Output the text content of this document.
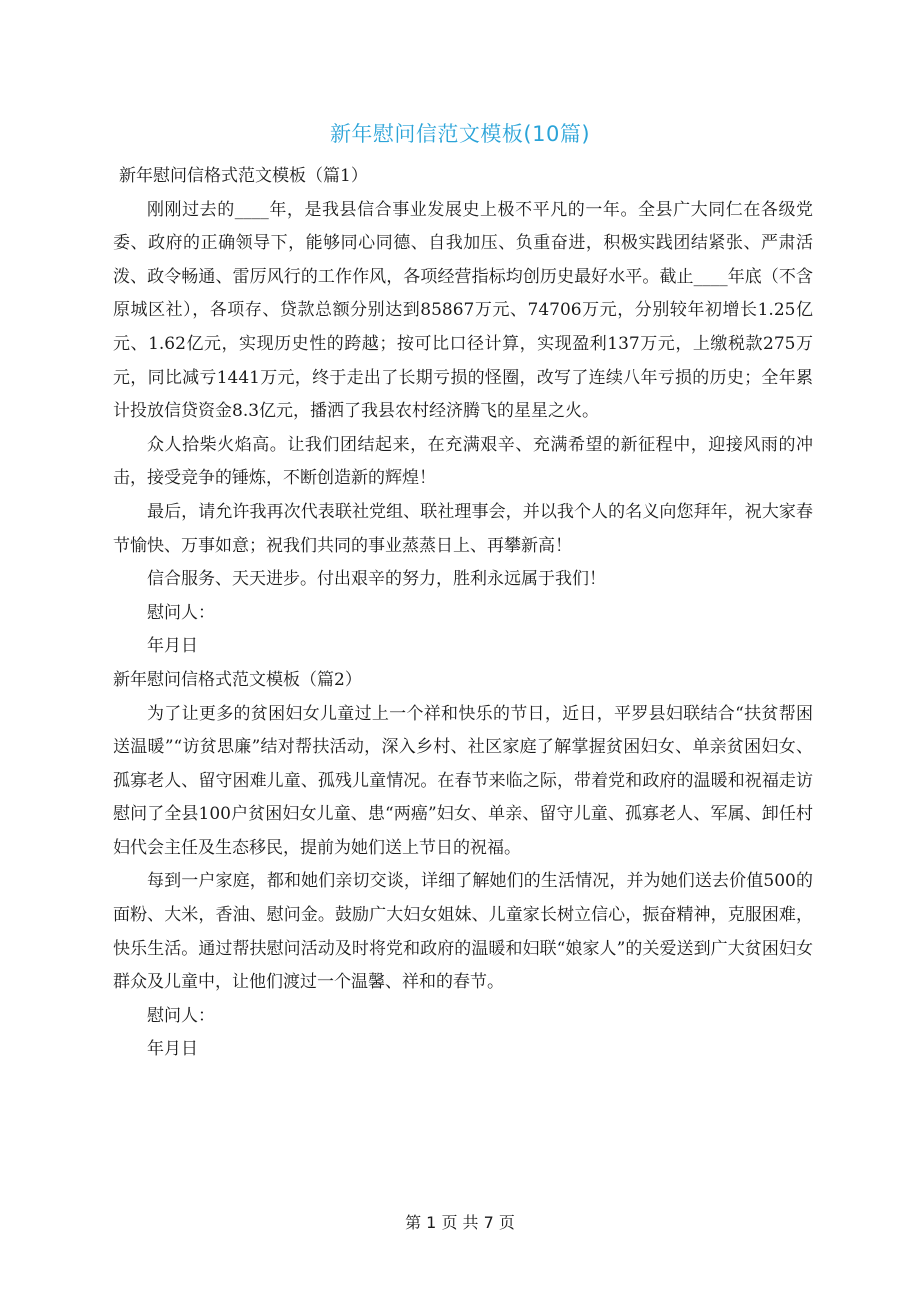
新年慰问信范文模板(10篇)

新年慰问信格式范文模板（篇1）

刚刚过去的____年，是我县信合事业发展史上极不平凡的一年。全县广大同仁在各级党委、政府的正确领导下，能够同心同德、自我加压、负重奋进，积极实践团结紧张、严肃活泼、政令畅通、雷厉风行的工作作风，各项经营指标均创历史最好水平。截止____年底（不含原城区社），各项存、贷款总额分别达到85867万元、74706万元，分别较年初增长1.25亿元、1.62亿元，实现历史性的跨越；按可比口径计算，实现盈利137万元，上缴税款275万元，同比减亏1441万元，终于走出了长期亏损的怪圈，改写了连续八年亏损的历史；全年累计投放信贷资金8.3亿元，播洒了我县农村经济腾飞的星星之火。

众人拾柴火焰高。让我们团结起来，在充满艰辛、充满希望的新征程中，迎接风雨的冲击，接受竞争的锤炼，不断创造新的辉煌！

最后，请允许我再次代表联社党组、联社理事会，并以我个人的名义向您拜年，祝大家春节愉快、万事如意；祝我们共同的事业蒸蒸日上、再攀新高！

信合服务、天天进步。付出艰辛的努力，胜利永远属于我们！

慰问人：

年月日

新年慰问信格式范文模板（篇2）

为了让更多的贫困妇女儿童过上一个祥和快乐的节日，近日，平罗县妇联结合“扶贫帮困送温暖”“访贫思廉”结对帮扶活动，深入乡村、社区家庭了解掌握贫困妇女、单亲贫困妇女、孤寡老人、留守困难儿童、孤残儿童情况。在春节来临之际，带着党和政府的温暖和祝福走访慰问了全县100户贫困妇女儿童、患“两癌”妇女、单亲、留守儿童、孤寡老人、军属、卸任村妇代会主任及生态移民，提前为她们送上节日的祝福。

每到一户家庭，都和她们亲切交谈，详细了解她们的生活情况，并为她们送去价值500的面粉、大米，香油、慰问金。鼓励广大妇女姐妹、儿童家长树立信心，振奋精神，克服困难，快乐生活。通过帮扶慰问活动及时将党和政府的温暖和妇联“娘家人”的关爱送到广大贫困妇女群众及儿童中，让他们渡过一个温馨、祥和的春节。

慰问人：

年月日

第 1 页 共 7 页
